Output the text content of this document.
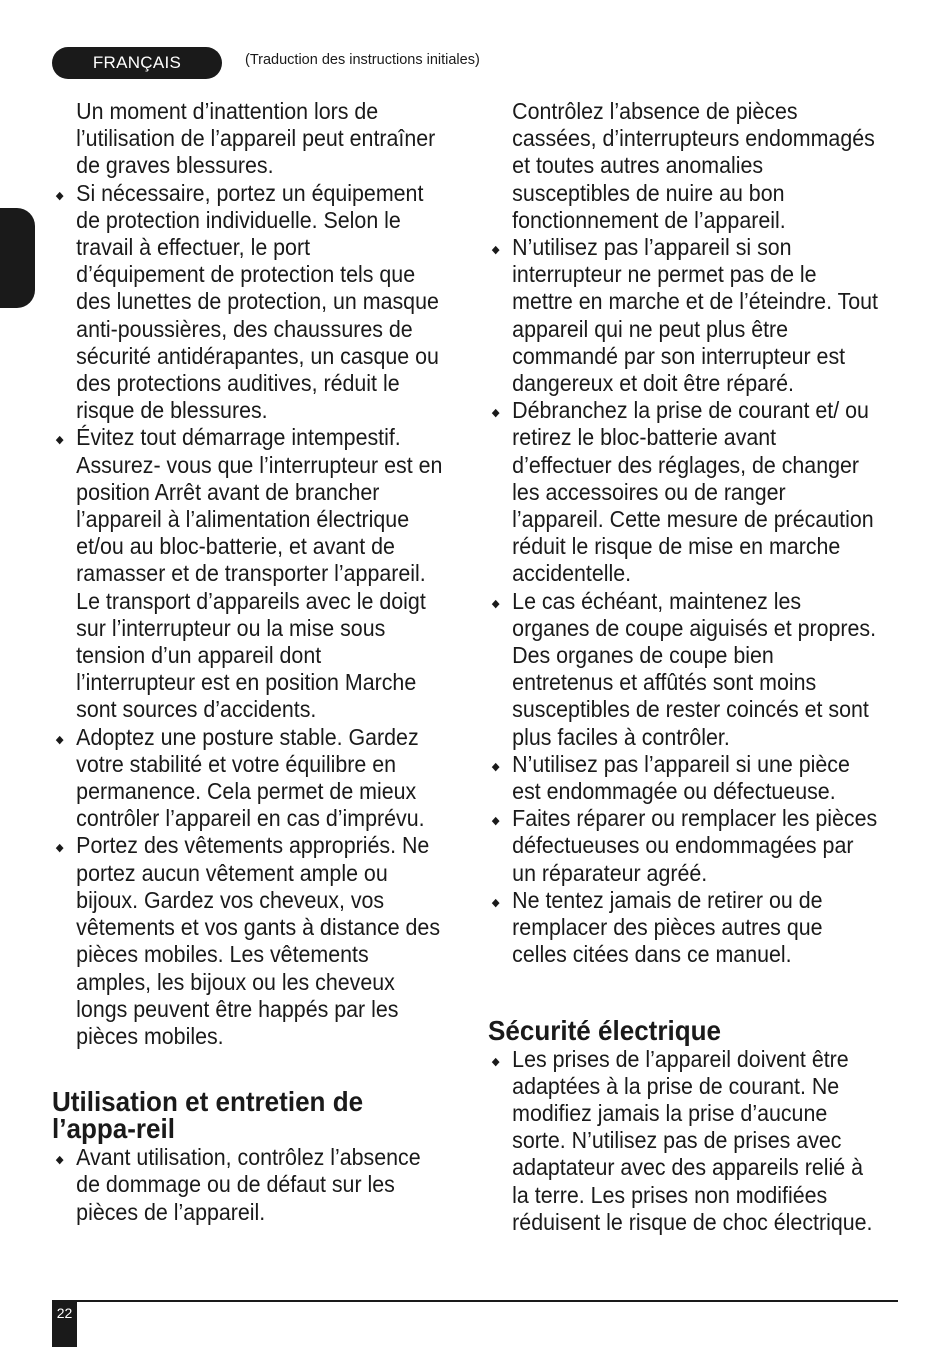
FRANÇAIS	(Traduction des instructions initiales)
Un moment d’inattention lors de l’utilisation de l’appareil peut entraîner de graves blessures.
◆ Si nécessaire, portez un équipement de protection individuelle. Selon le travail à effectuer, le port d’équipement de protection tels que des lunettes de protection, un masque anti-poussières, des chaussures de sécurité antidérapantes, un casque ou des protections auditives, réduit le risque de blessures.
◆ Évitez tout démarrage intempestif. Assurez- vous que l’interrupteur est en position Arrêt avant de brancher l’appareil à l’alimentation électrique et/ou au bloc-batterie, et avant de ramasser et de transporter l’appareil. Le transport d’appareils avec le doigt sur l’interrupteur ou la mise sous tension d’un appareil dont l’interrupteur est en position Marche sont sources d’accidents.
◆ Adoptez une posture stable. Gardez votre stabilité et votre équilibre en permanence. Cela permet de mieux contrôler l’appareil en cas d’imprévu.
◆ Portez des vêtements appropriés. Ne portez aucun vêtement ample ou bijoux. Gardez vos cheveux, vos vêtements et vos gants à distance des pièces mobiles. Les vêtements amples, les bijoux ou les cheveux longs peuvent être happés par les pièces mobiles.
Utilisation et entretien de l’appa-reil
◆ Avant utilisation, contrôlez l’absence de dommage ou de défaut sur les pièces de l’appareil.
Contrôlez l’absence de pièces cassées, d’interrupteurs endommagés et toutes autres anomalies susceptibles de nuire au bon fonctionnement de l’appareil.
◆ N’utilisez pas l’appareil si son interrupteur ne permet pas de le mettre en marche et de l’éteindre. Tout appareil qui ne peut plus être commandé par son interrupteur est dangereux et doit être réparé.
◆ Débranchez la prise de courant et/ ou retirez le bloc-batterie avant d’effectuer des réglages, de changer les accessoires ou de ranger l’appareil. Cette mesure de précaution réduit le risque de mise en marche accidentelle.
◆ Le cas échéant, maintenez les organes de coupe aiguisés et propres. Des organes de coupe bien entretenus et affûtés sont moins susceptibles de rester coincés et sont plus faciles à contrôler.
◆ N’utilisez pas l’appareil si une pièce est endommagée ou défectueuse.
◆ Faites réparer ou remplacer les pièces défectueuses ou endommagées par un réparateur agréé.
◆ Ne tentez jamais de retirer ou de remplacer des pièces autres que celles citées dans ce manuel.
Sécurité électrique
◆ Les prises de l’appareil doivent être adaptées à la prise de courant. Ne modifiez jamais la prise d’aucune sorte. N’utilisez pas de prises avec adaptateur avec des appareils relié à la terre. Les prises non modifiées réduisent le risque de choc électrique.
22
